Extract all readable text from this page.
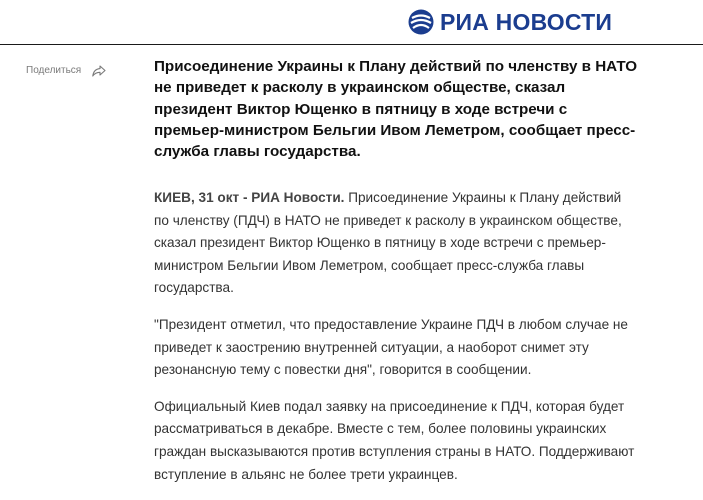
РИА НОВОСТИ
Поделиться	Присоединение Украины к Плану действий по членству в НАТО не приведет к расколу в украинском обществе, сказал президент Виктор Ющенко в пятницу в ходе встречи с премьер-министром Бельгии Ивом Леметром, сообщает пресс-служба главы государства.

КИЕВ, 31 окт - РИА Новости. Присоединение Украины к Плану действий по членству (ПДЧ) в НАТО не приведет к расколу в украинском обществе, сказал президент Виктор Ющенко в пятницу в ходе встречи с премьер-министром Бельгии Ивом Леметром, сообщает пресс-служба главы государства.

"Президент отметил, что предоставление Украине ПДЧ в любом случае не приведет к заострению внутренней ситуации, а наоборот снимет эту резонансную тему с повестки дня", говорится в сообщении.

Официальный Киев подал заявку на присоединение к ПДЧ, которая будет рассматриваться в декабре. Вместе с тем, более половины украинских граждан высказываются против вступления страны в НАТО. Поддерживают вступление в альянс не более трети украинцев.
